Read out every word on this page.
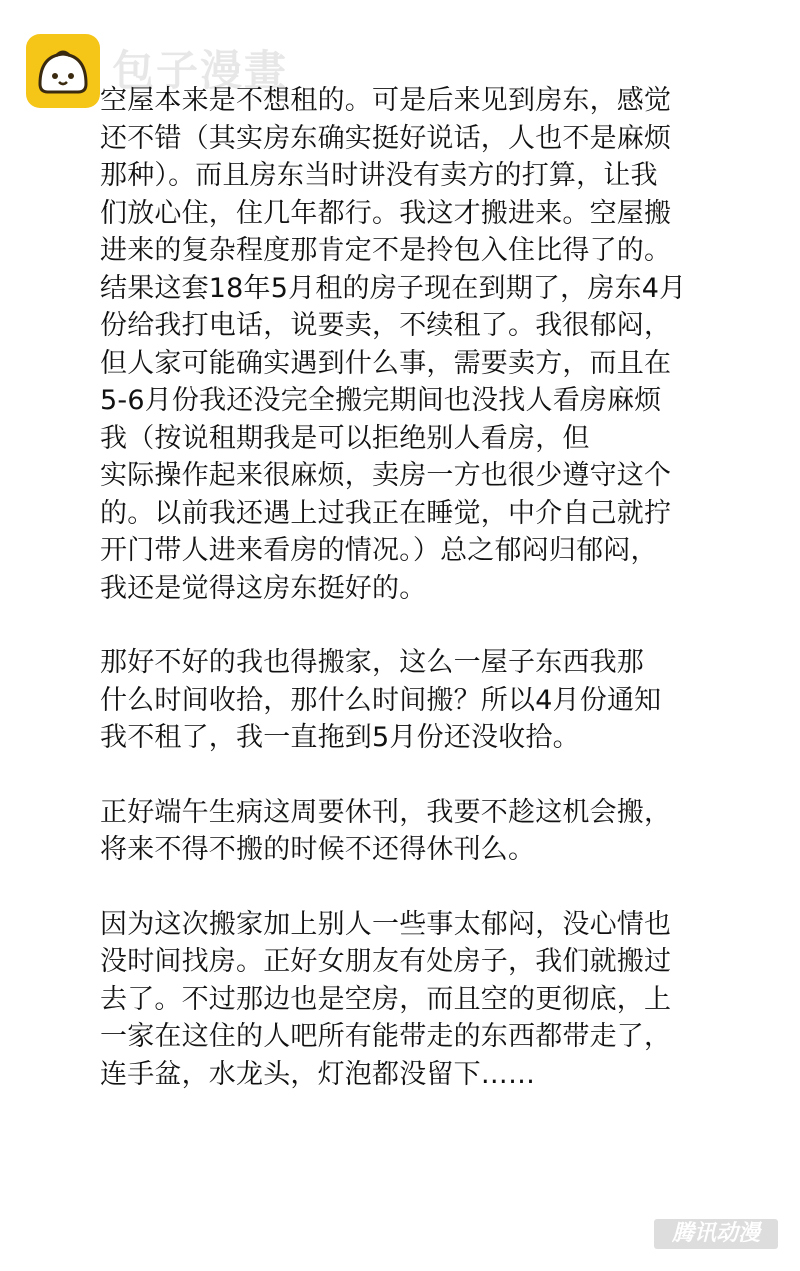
包子漫畫

空屋本来是不想租的。可是后来见到房东，感觉
还不错（其实房东确实挺好说话，人也不是麻烦
那种）。而且房东当时讲没有卖方的打算，让我
们放心住，住几年都行。我这才搬进来。空屋搬
进来的复杂程度那肯定不是拎包入住比得了的。
结果这套18年5月租的房子现在到期了，房东4月
份给我打电话，说要卖，不续租了。我很郁闷，
但人家可能确实遇到什么事，需要卖方，而且在
5-6月份我还没完全搬完期间也没找人看房麻烦
我（按说租期我是可以拒绝别人看房，但
实际操作起来很麻烦，卖房一方也很少遵守这个
的。以前我还遇上过我正在睡觉，中介自己就拧
开门带人进来看房的情况。）总之郁闷归郁闷，
我还是觉得这房东挺好的。

那好不好的我也得搬家，这么一屋子东西我那
什么时间收拾，那什么时间搬？所以4月份通知
我不租了，我一直拖到5月份还没收拾。

正好端午生病这周要休刊，我要不趁这机会搬，
将来不得不搬的时候不还得休刊么。

因为这次搬家加上别人一些事太郁闷，没心情也
没时间找房。正好女朋友有处房子，我们就搬过
去了。不过那边也是空房，而且空的更彻底，上
一家在这住的人吧所有能带走的东西都带走了，
连手盆，水龙头，灯泡都没留下……

腾讯动漫
